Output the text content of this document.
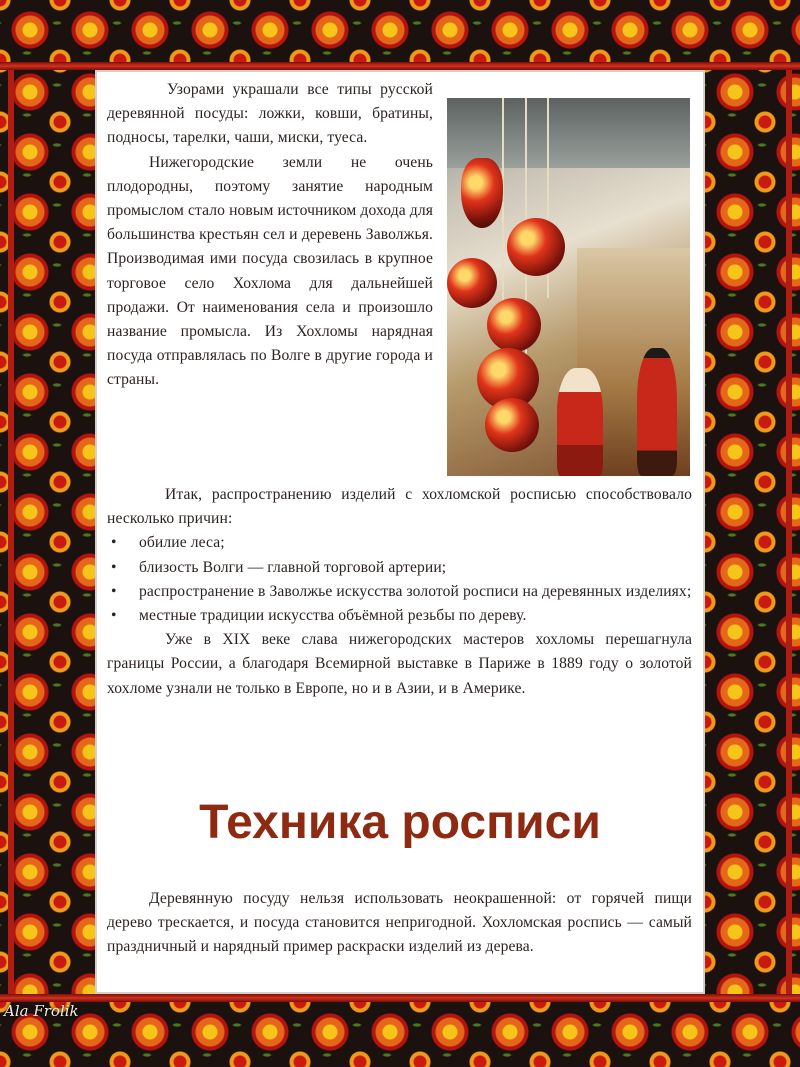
Узорами украшали все типы русской деревянной посуды: ложки, ковши, братины, подносы, тарелки, чаши, миски, туеса.

Нижегородские земли не очень плодородны, поэтому занятие народным промыслом стало новым источником дохода для большинства крестьян сел и деревень Заволжья. Производимая ими посуда свозилась в крупное торговое село Хохлома для дальнейшей продажи. От наименования села и произошло название промысла. Из Хохломы нарядная посуда отправлялась по Волге в другие города и страны.

Итак, распространению изделий с хохломской росписью способствовало несколько причин:

• обилие леса;
• близость Волги — главной торговой артерии;
• распространение в Заволжье искусства золотой росписи на деревянных изделиях;
• местные традиции искусства объёмной резьбы по дереву.

Уже в XIX веке слава нижегородских мастеров хохломы перешагнула границы России, а благодаря Всемирной выставке в Париже в 1889 году о золотой хохломе узнали не только в Европе, но и в Азии, и в Америке.

Техника росписи

Деревянную посуду нельзя использовать неокрашенной: от горячей пищи дерево трескается, и посуда становится непригодной. Хохломская роспись — самый праздничный и нарядный пример раскраски изделий из дерева.

Ala Frolik
